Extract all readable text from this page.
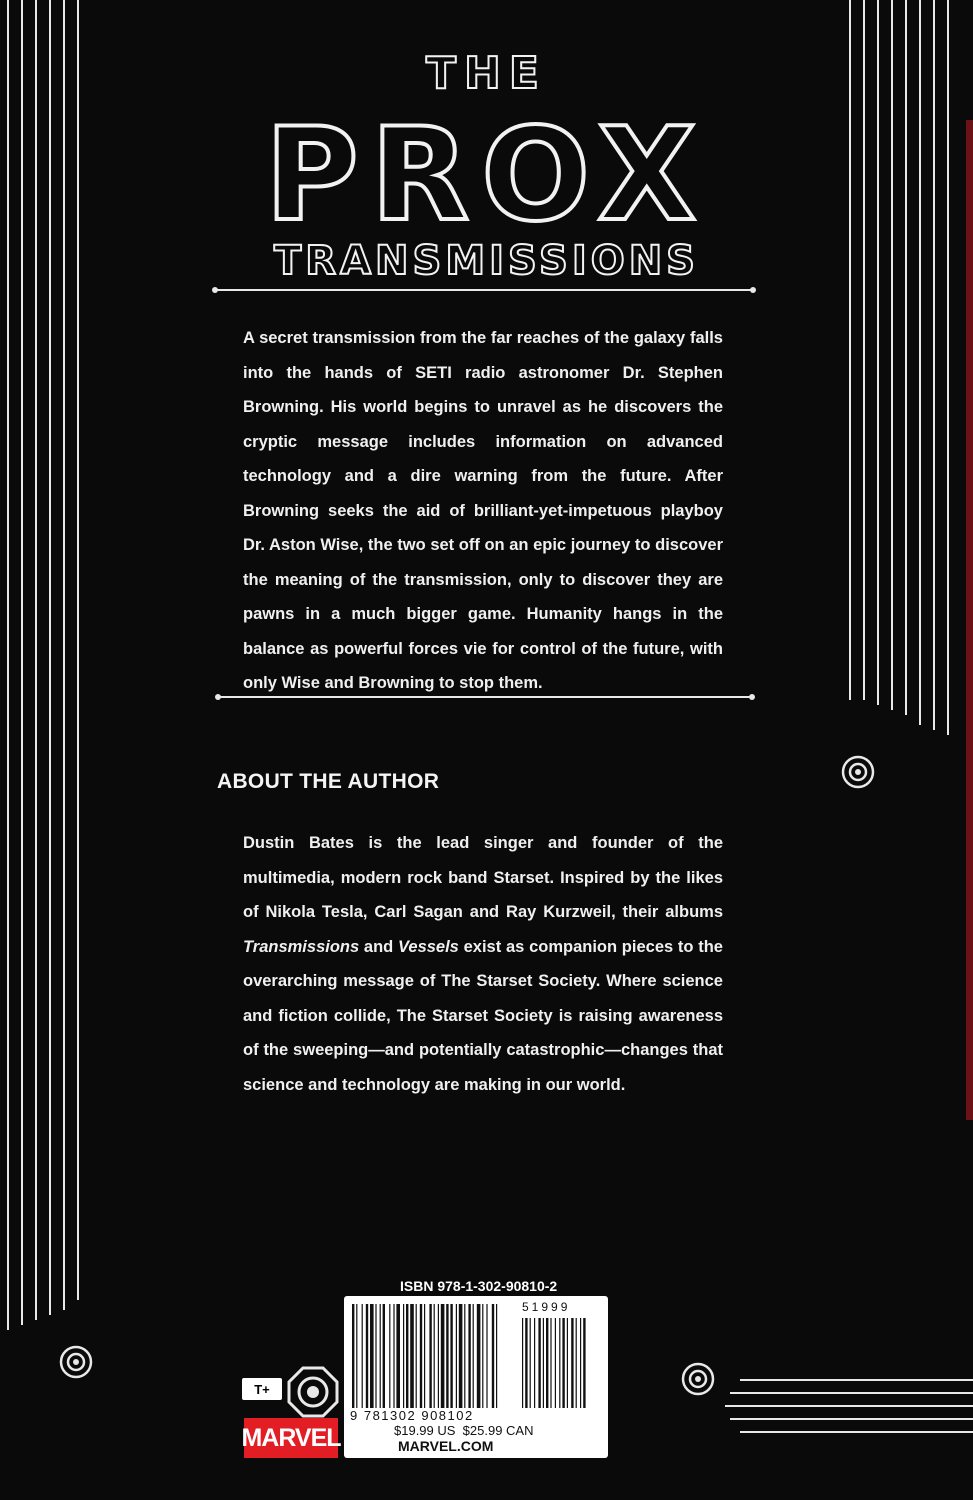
THE
PROX
TRANSMISSIONS

A secret transmission from the far reaches of the galaxy falls into the hands of SETI radio astronomer Dr. Stephen Browning. His world begins to unravel as he discovers the cryptic message includes information on advanced technology and a dire warning from the future. After Browning seeks the aid of brilliant-yet-impetuous playboy Dr. Aston Wise, the two set off on an epic journey to discover the meaning of the transmission, only to discover they are pawns in a much bigger game. Humanity hangs in the balance as powerful forces vie for control of the future, with only Wise and Browning to stop them.

ABOUT THE AUTHOR

Dustin Bates is the lead singer and founder of the multimedia, modern rock band Starset. Inspired by the likes of Nikola Tesla, Carl Sagan and Ray Kurzweil, their albums Transmissions and Vessels exist as companion pieces to the overarching message of The Starset Society. Where science and fiction collide, The Starset Society is raising awareness of the sweeping—and potentially catastrophic—changes that science and technology are making in our world.

ISBN 978-1-302-90810-2

51999

9 781302 908102

$19.99 US  $25.99 CAN

MARVEL.COM

T+
MARVEL
